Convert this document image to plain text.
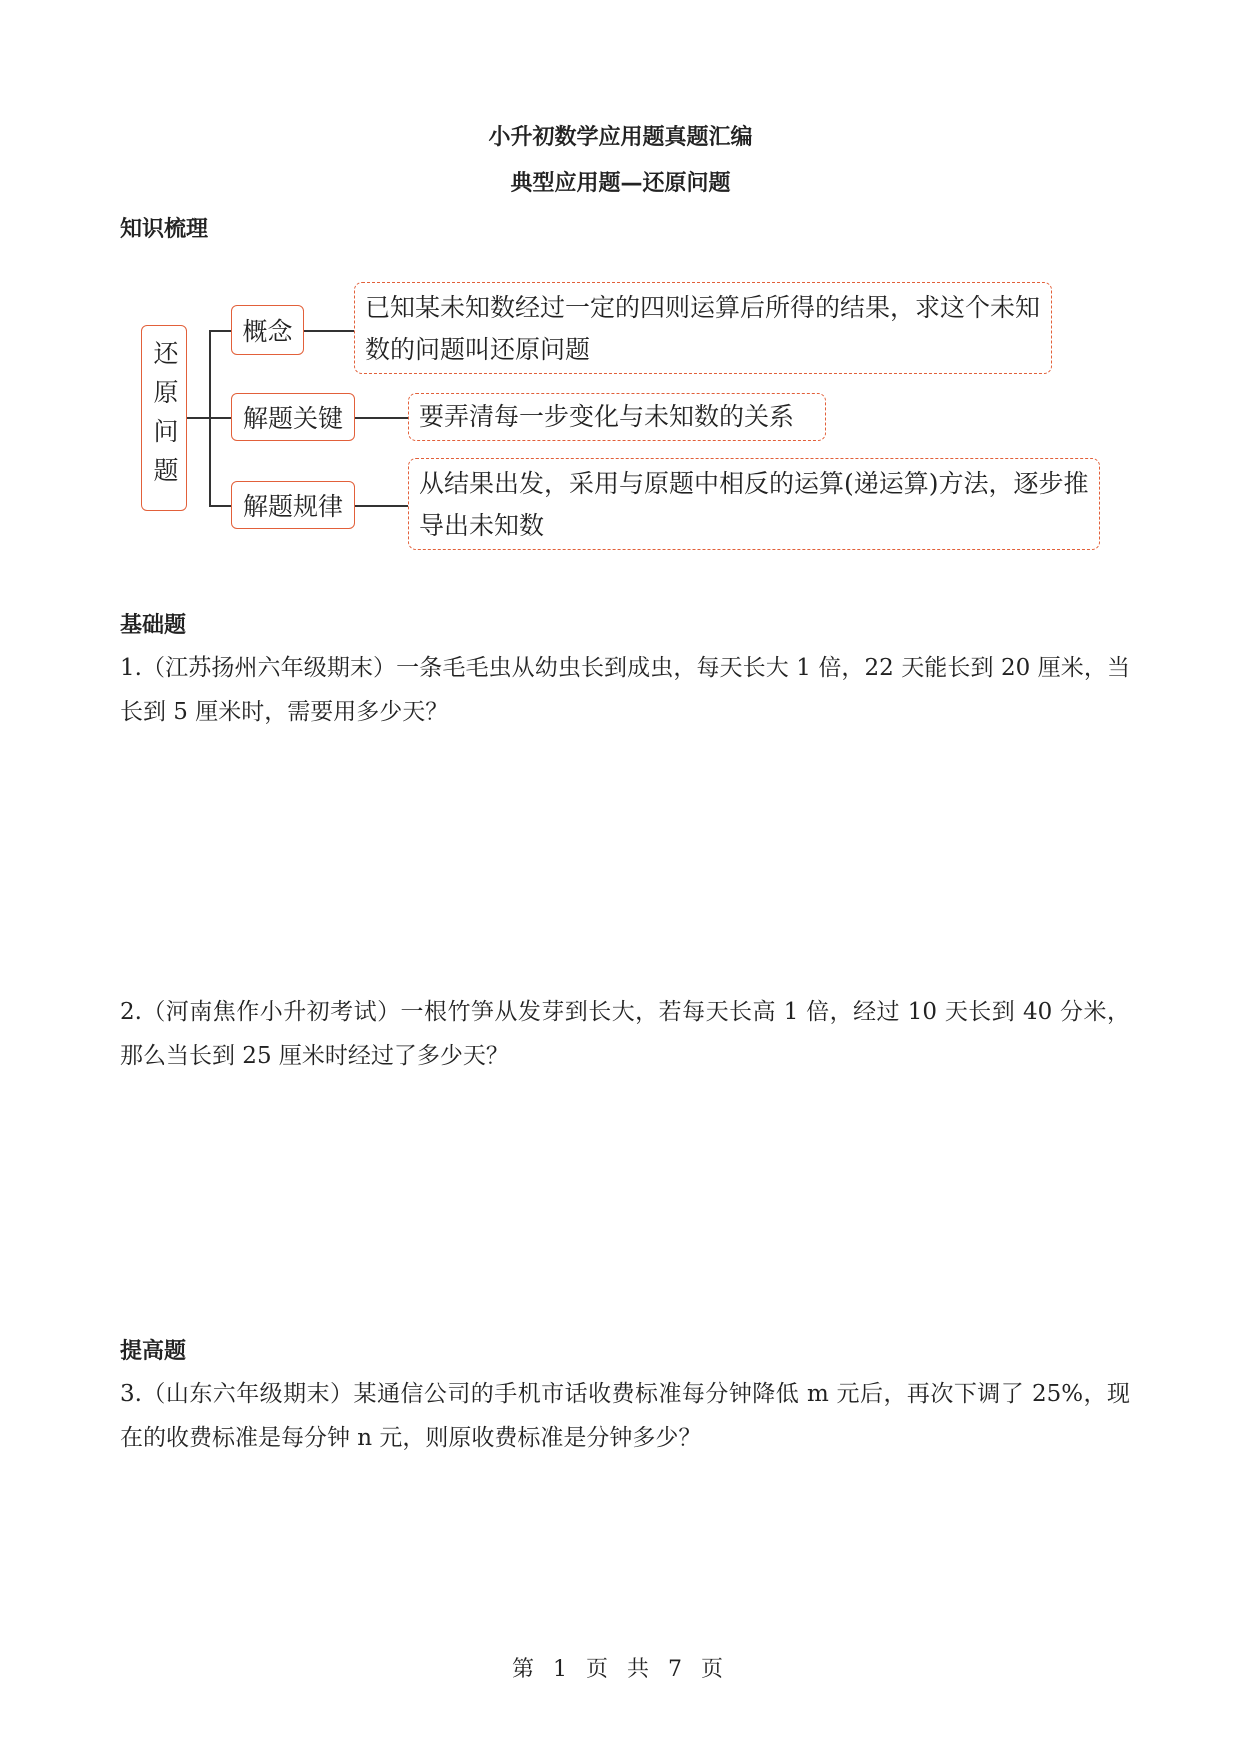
小升初数学应用题真题汇编
典型应用题—还原问题
知识梳理
还原问题
概念
已知某未知数经过一定的四则运算后所得的结果，求这个未知数的问题叫还原问题
解题关键	要弄清每一步变化与未知数的关系
解题规律
从结果出发，采用与原题中相反的运算(递运算)方法，逐步推导出未知数
基础题
1.（江苏扬州六年级期末）一条毛毛虫从幼虫长到成虫，每天长大 1 倍，22 天能长到 20 厘米，当长到 5 厘米时，需要用多少天？
2.（河南焦作小升初考试）一根竹笋从发芽到长大，若每天长高 1 倍，经过 10 天长到 40 分米，那么当长到 25 厘米时经过了多少天？
提高题
3.（山东六年级期末）某通信公司的手机市话收费标准每分钟降低 m 元后，再次下调了 25%，现在的收费标准是每分钟 n 元，则原收费标准是分钟多少？
第 1 页 共 7 页
